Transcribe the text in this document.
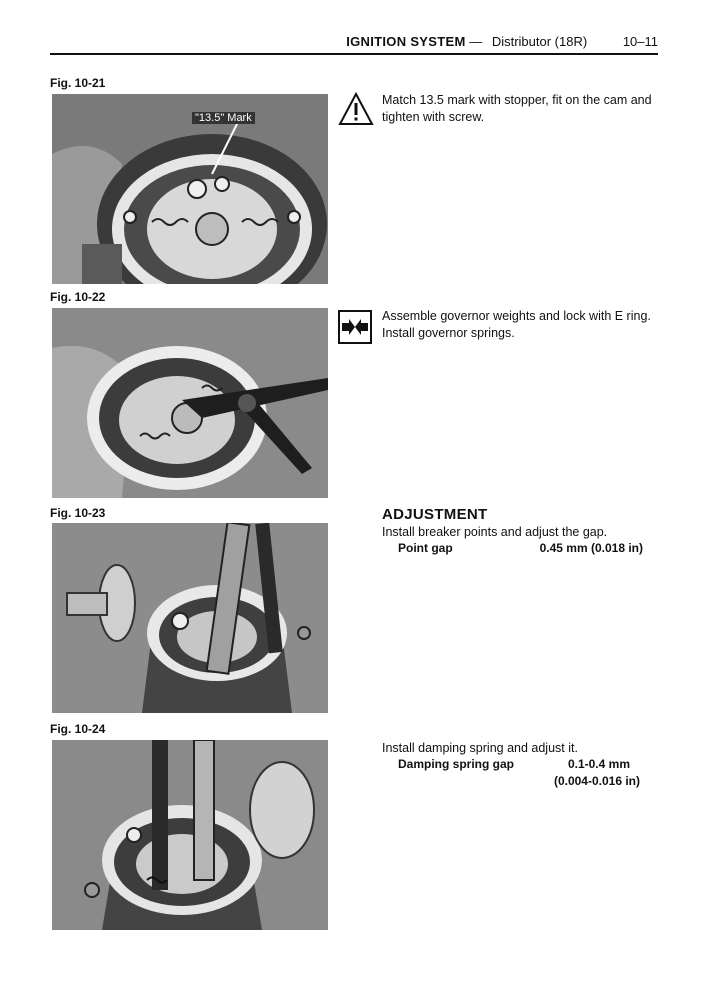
IGNITION SYSTEM — Distributor (18R)	10–11
Fig. 10-21
"13.5" Mark
Match 13.5 mark with stopper, fit on the cam and
tighten with screw.
Fig. 10-22
Assemble governor weights and lock with E ring.
Install governor springs.
Fig. 10-23	ADJUSTMENT
Install breaker points and adjust the gap.
Point gap	0.45 mm (0.018 in)
Fig. 10-24
Install damping spring and adjust it.
Damping spring gap	0.1-0.4 mm
(0.004-0.016 in)
